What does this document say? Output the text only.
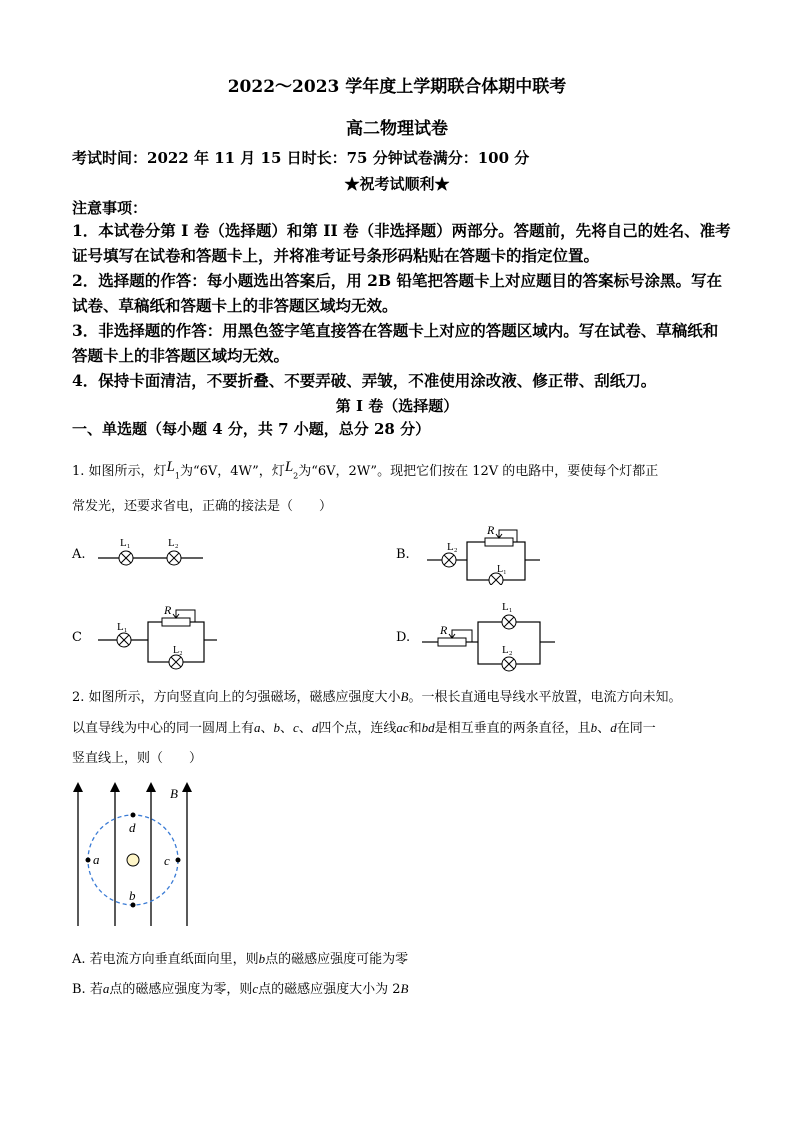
2022～2023 学年度上学期联合体期中联考
高二物理试卷
考试时间：2022 年 11 月 15 日时长：75 分钟试卷满分：100 分
★祝考试顺利★
注意事项：
1．本试卷分第 I 卷（选择题）和第 II 卷（非选择题）两部分。答题前，先将自己的姓名、准考证号填写在试卷和答题卡上，并将准考证号条形码粘贴在答题卡的指定位置。
2．选择题的作答：每小题选出答案后，用 2B 铅笔把答题卡上对应题目的答案标号涂黑。写在试卷、草稿纸和答题卡上的非答题区域均无效。
3．非选择题的作答：用黑色签字笔直接答在答题卡上对应的答题区域内。写在试卷、草稿纸和答题卡上的非答题区域均无效。
4．保持卡面清洁，不要折叠、不要弄破、弄皱，不准使用涂改液、修正带、刮纸刀。
第 I 卷（选择题）
一、单选题（每小题 4 分，共 7 小题，总分 28 分）
1. 如图所示，灯$L_1$为“6V，4W”，灯$L_2$为“6V，2W”。现把它们按在 12V 的电路中，要使每个灯都正
常发光，还要求省电，正确的接法是（　　）
A.	B.
C	D.
L₁	L₂	L₂
R
L₁
L₁
R
L₂
R
L₁
L₂
2. 如图所示，方向竖直向上的匀强磁场，磁感应强度大小B。一根长直通电导线水平放置，电流方向未知。
以直导线为中心的同一圆周上有a、b、c、d四个点，连线ac和bd是相互垂直的两条直径，且b、d在同一
竖直线上，则（　　）
a	c
d
b
B
A. 若电流方向垂直纸面向里，则b点的磁感应强度可能为零
B. 若a点的磁感应强度为零，则c点的磁感应强度大小为 2B
